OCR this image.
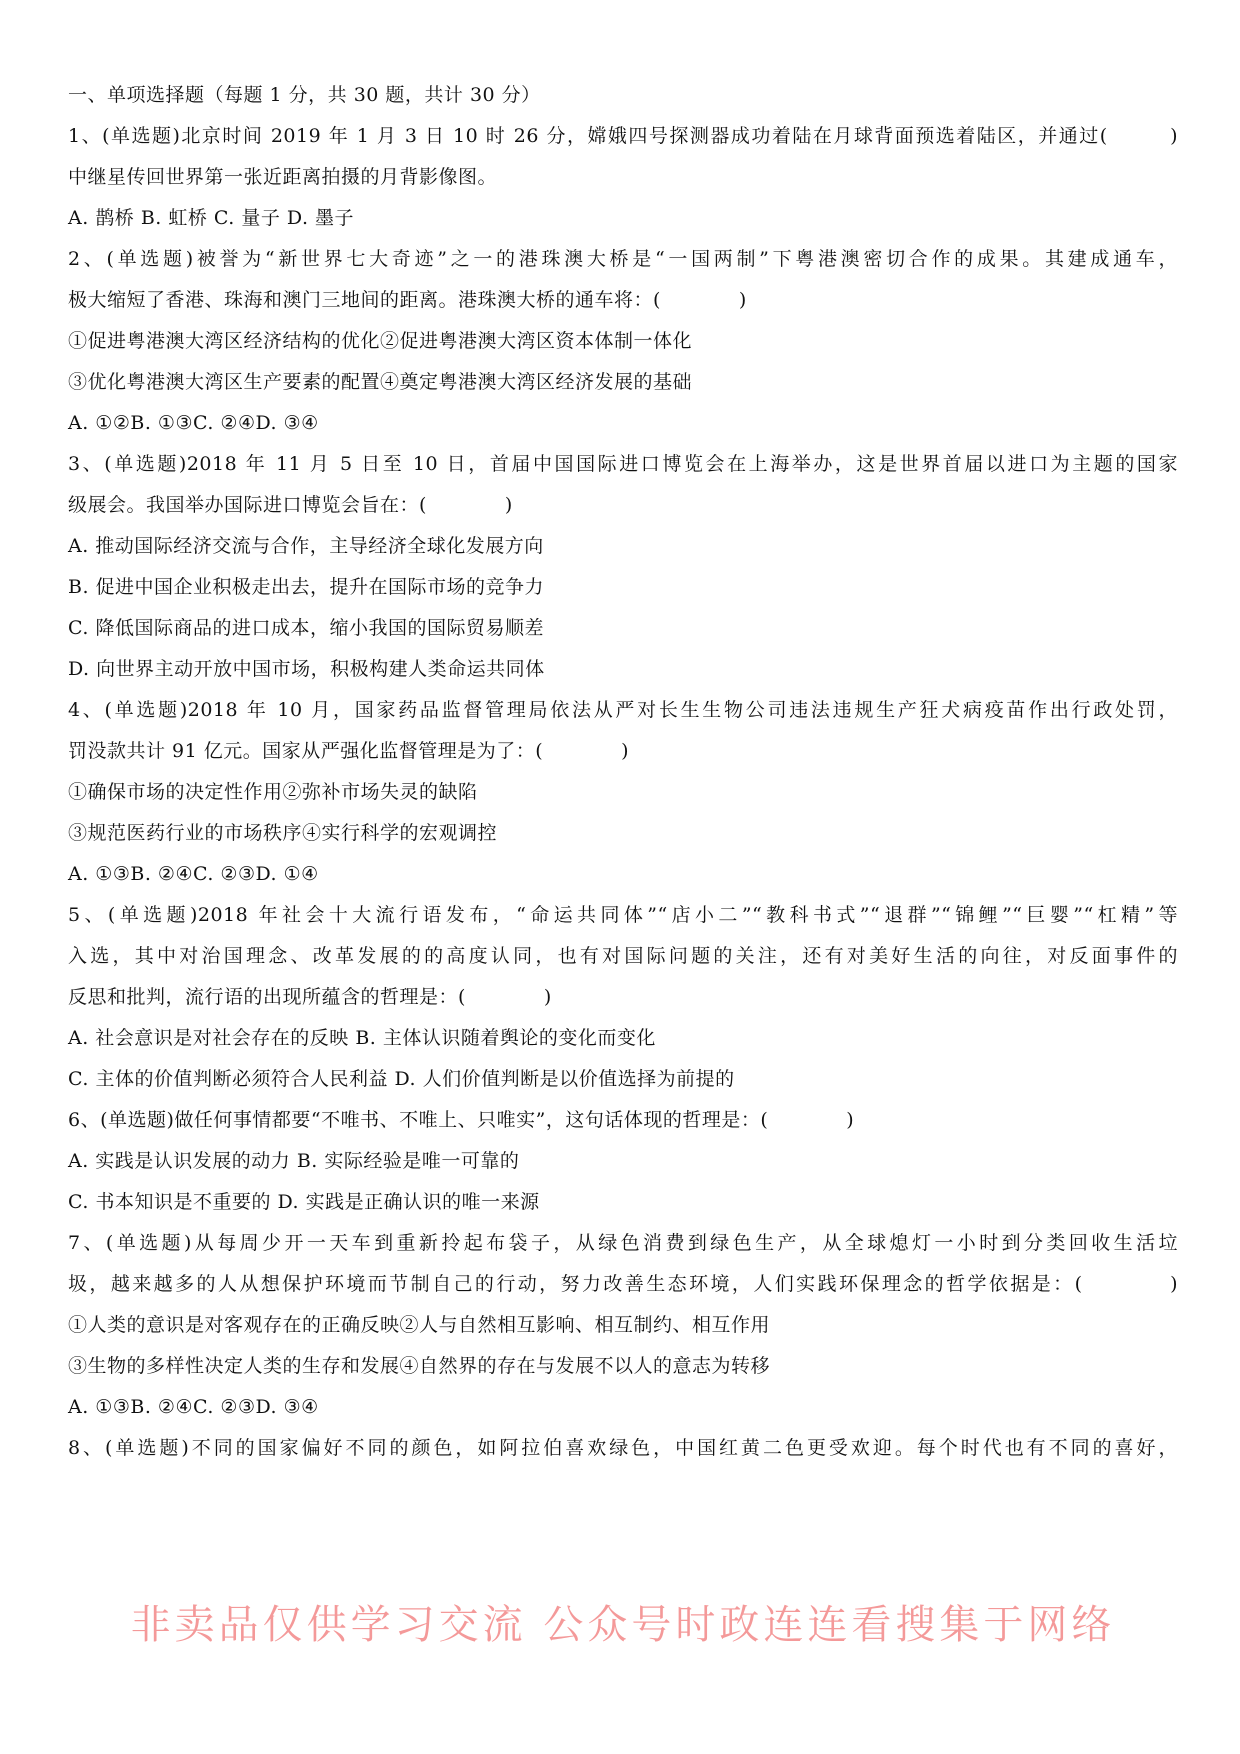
一、单项选择题（每题 1 分，共 30 题，共计 30 分）
1、(单选题)北京时间 2019 年 1 月 3 日 10 时 26 分，嫦娥四号探测器成功着陆在月球背面预选着陆区，并通过(　　　)
中继星传回世界第一张近距离拍摄的月背影像图。
A. 鹊桥 B. 虹桥 C. 量子 D. 墨子
2、(单选题)被誉为“新世界七大奇迹”之一的港珠澳大桥是“一国两制”下粤港澳密切合作的成果。其建成通车，
极大缩短了香港、珠海和澳门三地间的距离。港珠澳大桥的通车将：(　　　　)
①促进粤港澳大湾区经济结构的优化②促进粤港澳大湾区资本体制一体化
③优化粤港澳大湾区生产要素的配置④奠定粤港澳大湾区经济发展的基础
A. ①②B. ①③C. ②④D. ③④
3、(单选题)2018 年 11 月 5 日至 10 日，首届中国国际进口博览会在上海举办，这是世界首届以进口为主题的国家
级展会。我国举办国际进口博览会旨在：(　　　　)
A. 推动国际经济交流与合作，主导经济全球化发展方向
B. 促进中国企业积极走出去，提升在国际市场的竞争力
C. 降低国际商品的进口成本，缩小我国的国际贸易顺差
D. 向世界主动开放中国市场，积极构建人类命运共同体
4、(单选题)2018 年 10 月，国家药品监督管理局依法从严对长生生物公司违法违规生产狂犬病疫苗作出行政处罚，
罚没款共计 91 亿元。国家从严强化监督管理是为了：(　　　　)
①确保市场的决定性作用②弥补市场失灵的缺陷
③规范医药行业的市场秩序④实行科学的宏观调控
A. ①③B. ②④C. ②③D. ①④
5、(单选题)2018 年社会十大流行语发布，“命运共同体”“店小二”“教科书式”“退群”“锦鲤”“巨婴”“杠精”等
入选，其中对治国理念、改革发展的的高度认同，也有对国际问题的关注，还有对美好生活的向往，对反面事件的
反思和批判，流行语的出现所蕴含的哲理是：(　　　　)
A. 社会意识是对社会存在的反映 B. 主体认识随着舆论的变化而变化
C. 主体的价值判断必须符合人民利益 D. 人们价值判断是以价值选择为前提的
6、(单选题)做任何事情都要“不唯书、不唯上、只唯实”，这句话体现的哲理是：(　　　　)
A. 实践是认识发展的动力 B. 实际经验是唯一可靠的
C. 书本知识是不重要的 D. 实践是正确认识的唯一来源
7、(单选题)从每周少开一天车到重新拎起布袋子，从绿色消费到绿色生产，从全球熄灯一小时到分类回收生活垃
圾，越来越多的人从想保护环境而节制自己的行动，努力改善生态环境，人们实践环保理念的哲学依据是：(　　　　)
①人类的意识是对客观存在的正确反映②人与自然相互影响、相互制约、相互作用
③生物的多样性决定人类的生存和发展④自然界的存在与发展不以人的意志为转移
A. ①③B. ②④C. ②③D. ③④
8、(单选题)不同的国家偏好不同的颜色，如阿拉伯喜欢绿色，中国红黄二色更受欢迎。每个时代也有不同的喜好，
非卖品仅供学习交流 公众号时政连连看搜集于网络
